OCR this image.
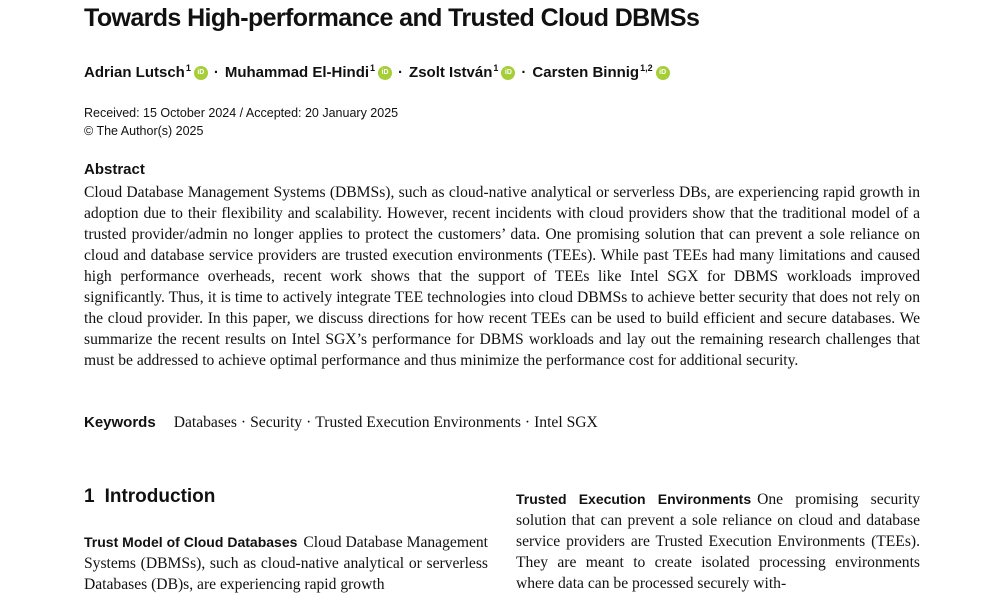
Towards High-performance and Trusted Cloud DBMSs
Adrian Lutsch$^1$ iD · Muhammad El-Hindi$^1$ iD · Zsolt István$^1$ iD · Carsten Binnig$^{1,2}$ iD
Received: 15 October 2024 / Accepted: 20 January 2025
© The Author(s) 2025
Abstract
Cloud Database Management Systems (DBMSs), such as cloud-native analytical or serverless DBs, are experiencing rapid growth in adoption due to their flexibility and scalability. However, recent incidents with cloud providers show that the traditional model of a trusted provider/admin no longer applies to protect the customers’ data. One promising solution that can prevent a sole reliance on cloud and database service providers are trusted execution environments (TEEs). While past TEEs had many limitations and caused high performance overheads, recent work shows that the support of TEEs like Intel SGX for DBMS workloads improved significantly. Thus, it is time to actively integrate TEE technologies into cloud DBMSs to achieve better security that does not rely on the cloud provider. In this paper, we discuss directions for how recent TEEs can be used to build efficient and secure databases. We summarize the recent results on Intel SGX’s performance for DBMS workloads and lay out the remaining research challenges that must be addressed to achieve optimal performance and thus minimize the performance cost for additional security.
Keywords Databases · Security · Trusted Execution Environments · Intel SGX
1 Introduction
Trust Model of Cloud Databases Cloud Database Management Systems (DBMSs), such as cloud-native analytical or serverless Databases (DB)s, are experiencing rapid growth
Trusted Execution Environments One promising security solution that can prevent a sole reliance on cloud and database service providers are Trusted Execution Environments (TEEs). They are meant to create isolated processing environments where data can be processed securely with-
